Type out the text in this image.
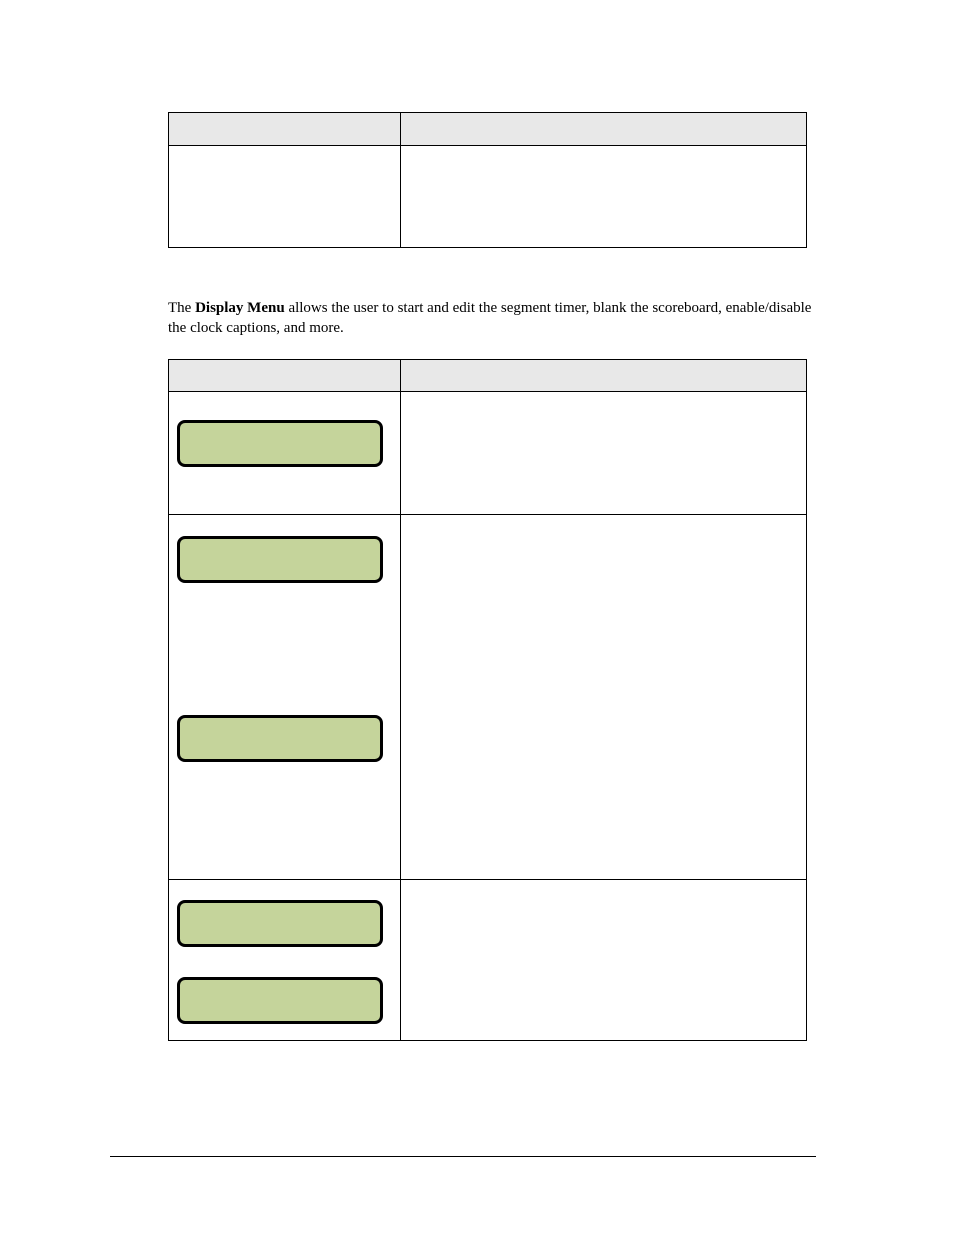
The Display Menu allows the user to start and edit the segment timer, blank the scoreboard, enable/disable the clock captions, and more.
